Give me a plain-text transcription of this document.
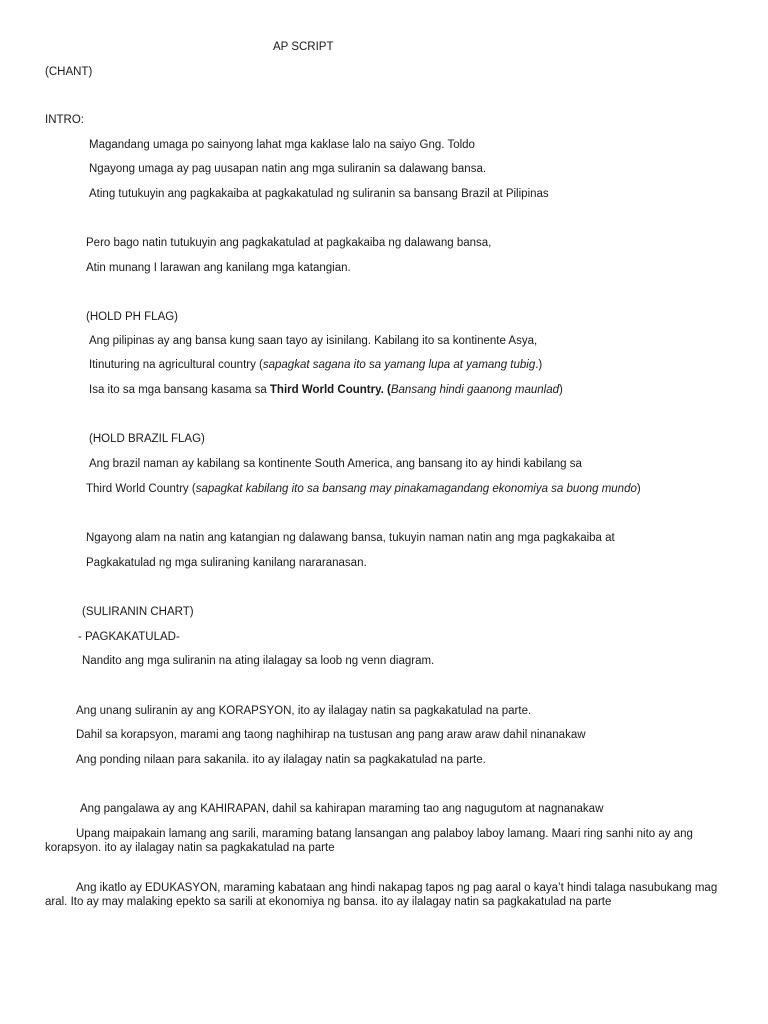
AP SCRIPT
(CHANT)
INTRO:
Magandang umaga po sainyong lahat mga kaklase lalo na saiyo Gng. Toldo
Ngayong umaga ay pag uusapan natin ang mga suliranin sa dalawang bansa.
Ating tutukuyin ang pagkakaiba at pagkakatulad ng suliranin sa bansang Brazil at Pilipinas
Pero bago natin tutukuyin ang pagkakatulad at pagkakaiba ng dalawang bansa,
Atin munang I larawan ang kanilang mga katangian.
(HOLD PH FLAG)
Ang pilipinas ay ang bansa kung saan tayo ay isinilang. Kabilang ito sa kontinente Asya,
Itinuturing na agricultural country (sapagkat sagana ito sa yamang lupa at yamang tubig.)
Isa ito sa mga bansang kasama sa Third World Country. (Bansang hindi gaanong maunlad)
(HOLD BRAZIL FLAG)
Ang brazil naman ay kabilang sa kontinente South America, ang bansang ito ay hindi kabilang sa
Third World Country (sapagkat kabilang ito sa bansang may pinakamagandang ekonomiya sa buong mundo)
Ngayong alam na natin ang katangian ng dalawang bansa, tukuyin naman natin ang mga pagkakaiba at
Pagkakatulad ng mga suliraning kanilang nararanasan.
(SULIRANIN CHART)
- PAGKAKATULAD-
Nandito ang mga suliranin na ating ilalagay sa loob ng venn diagram.
Ang unang suliranin ay ang KORAPSYON, ito ay ilalagay natin sa pagkakatulad na parte.
Dahil sa korapsyon, marami ang taong naghihirap na tustusan ang pang araw araw dahil ninanakaw
Ang ponding nilaan para sakanila. ito ay ilalagay natin sa pagkakatulad na parte.
Ang pangalawa ay ang KAHIRAPAN, dahil sa kahirapan maraming tao ang nagugutom at nagnanakaw
Upang maipakain lamang ang sarili, maraming batang lansangan ang palaboy laboy lamang. Maari ring sanhi nito ay ang korapsyon. ito ay ilalagay natin sa pagkakatulad na parte
Ang ikatlo ay EDUKASYON, maraming kabataan ang hindi nakapag tapos ng pag aaral o kaya’t hindi talaga nasubukang mag aral. Ito ay may malaking epekto sa sarili at ekonomiya ng bansa. ito ay ilalagay natin sa pagkakatulad na parte
